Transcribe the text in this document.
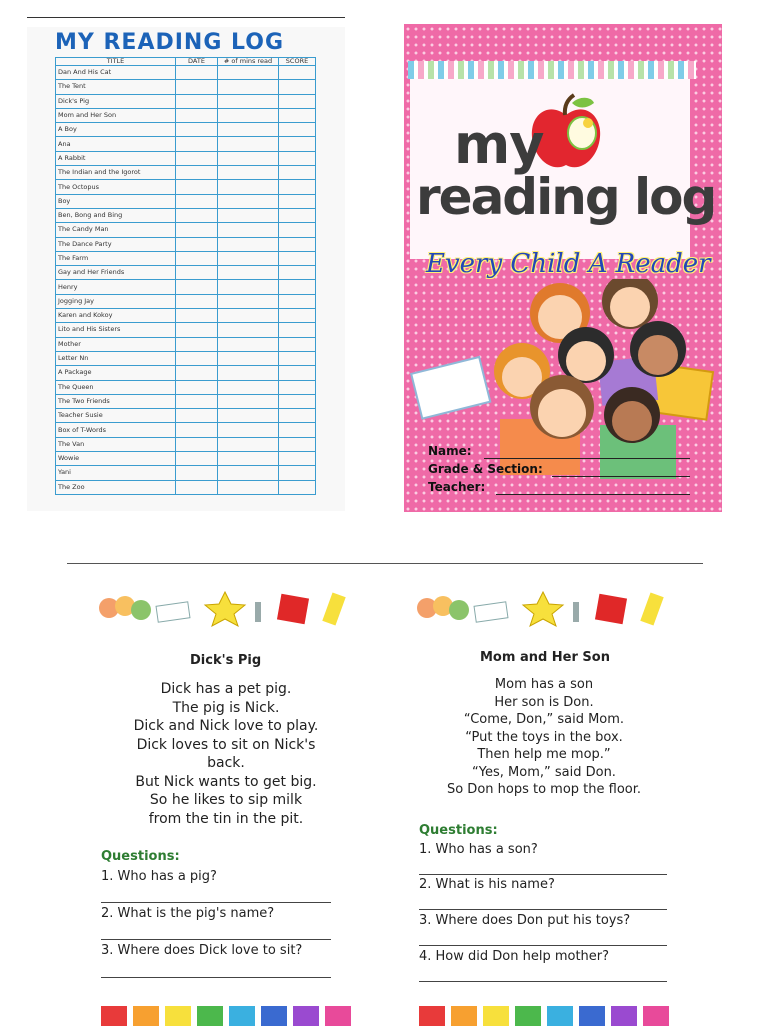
MY READING LOG
TITLE	DATE	# of mins read	SCORE
Dan And His Cat			
The Tent			
Dick's Pig			
Mom and Her Son			
A Boy			
Ana			
A Rabbit			
The Indian and the Igorot			
The Octopus			
Boy			
Ben, Bong and Bing			
The Candy Man			
The Dance Party			
The Farm			
Gay and Her Friends			
Henry			
Jogging Jay			
Karen and Kokoy			
Lito and His Sisters			
Mother			
Letter Nn			
A Package			
The Queen			
The Two Friends			
Teacher Susie			
Box of T-Words			
The Van			
Wowie			
Yani			
The Zoo			
my
reading log
Every Child A Reader
Name:
Grade & Section:
Teacher:
Dick's Pig
Dick has a pet pig.
The pig is Nick.
Dick and Nick love to play.
Dick loves to sit on Nick's
back.
But Nick wants to get big.
So he likes to sip milk
from the tin in the pit.
Questions:
1. Who has a pig?
2. What is the pig's name?
3. Where does Dick love to sit?
Mom and Her Son
Mom has a son
Her son is Don.
“Come, Don,” said Mom.
“Put the toys in the box.
Then help me mop.”
“Yes, Mom,” said Don.
So Don hops to mop the floor.
Questions:
1. Who has a son?
2. What is his name?
3. Where does Don put his toys?
4. How did Don help mother?
